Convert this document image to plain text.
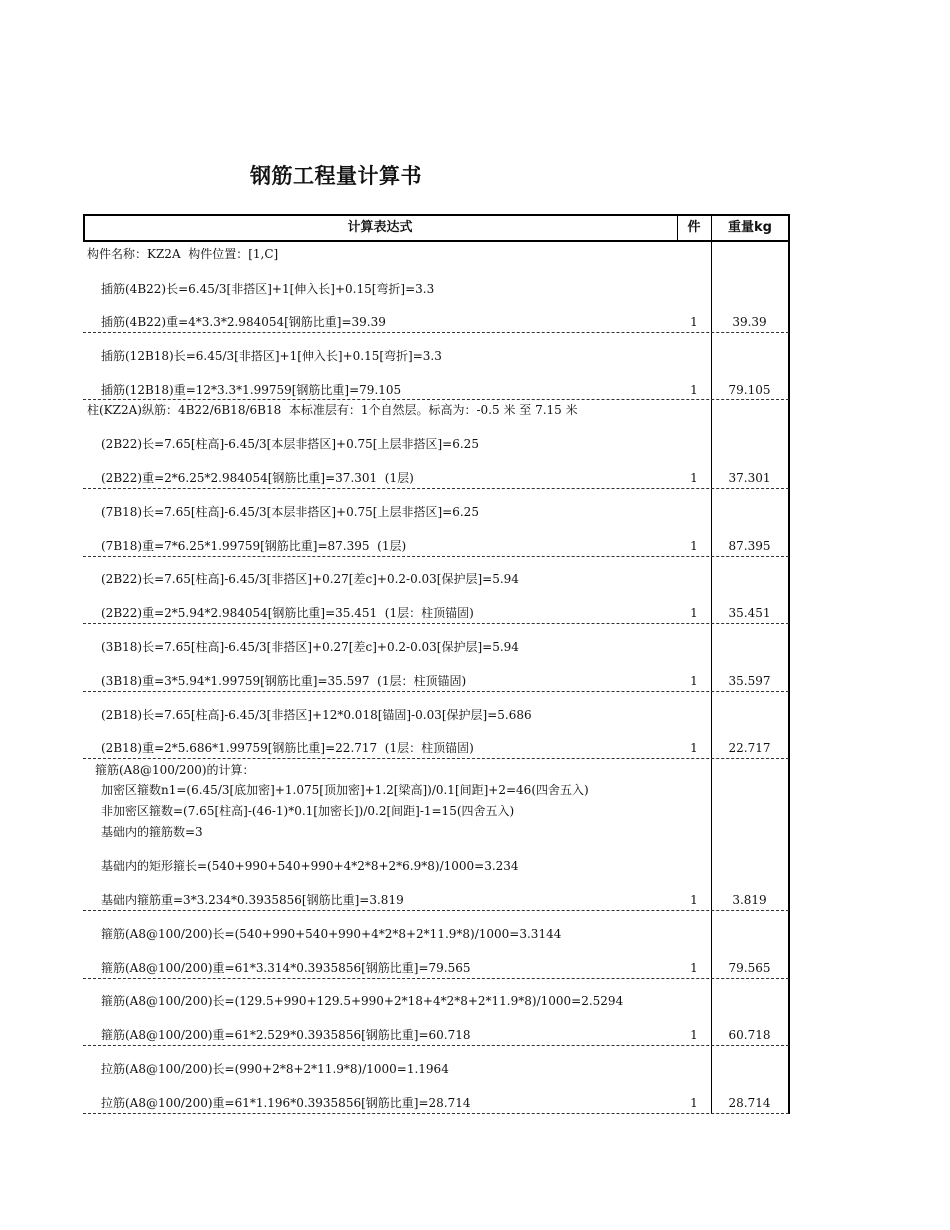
钢筋工程量计算书
计算表达式	件	重量kg
构件名称：KZ2A  构件位置：[1,C]
插筋(4B22)长=6.45/3[非搭区]+1[伸入长]+0.15[弯折]=3.3
插筋(4B22)重=4*3.3*2.984054[钢筋比重]=39.39	1	39.39
插筋(12B18)长=6.45/3[非搭区]+1[伸入长]+0.15[弯折]=3.3
插筋(12B18)重=12*3.3*1.99759[钢筋比重]=79.105	1	79.105
柱(KZ2A)纵筋：4B22/6B18/6B18  本标准层有：1个自然层。标高为：-0.5 米 至 7.15 米
(2B22)长=7.65[柱高]-6.45/3[本层非搭区]+0.75[上层非搭区]=6.25
(2B22)重=2*6.25*2.984054[钢筋比重]=37.301  (1层)	1	37.301
(7B18)长=7.65[柱高]-6.45/3[本层非搭区]+0.75[上层非搭区]=6.25
(7B18)重=7*6.25*1.99759[钢筋比重]=87.395  (1层)	1	87.395
(2B22)长=7.65[柱高]-6.45/3[非搭区]+0.27[差c]+0.2-0.03[保护层]=5.94
(2B22)重=2*5.94*2.984054[钢筋比重]=35.451  (1层：柱顶锚固)	1	35.451
(3B18)长=7.65[柱高]-6.45/3[非搭区]+0.27[差c]+0.2-0.03[保护层]=5.94
(3B18)重=3*5.94*1.99759[钢筋比重]=35.597  (1层：柱顶锚固)	1	35.597
(2B18)长=7.65[柱高]-6.45/3[非搭区]+12*0.018[锚固]-0.03[保护层]=5.686
(2B18)重=2*5.686*1.99759[钢筋比重]=22.717  (1层：柱顶锚固)	1	22.717
箍筋(A8@100/200)的计算：
加密区箍数n1=(6.45/3[底加密]+1.075[顶加密]+1.2[梁高])/0.1[间距]+2=46(四舍五入)
非加密区箍数=(7.65[柱高]-(46-1)*0.1[加密长])/0.2[间距]-1=15(四舍五入)
基础内的箍筋数=3
基础内的矩形箍长=(540+990+540+990+4*2*8+2*6.9*8)/1000=3.234
基础内箍筋重=3*3.234*0.3935856[钢筋比重]=3.819	1	3.819
箍筋(A8@100/200)长=(540+990+540+990+4*2*8+2*11.9*8)/1000=3.3144
箍筋(A8@100/200)重=61*3.314*0.3935856[钢筋比重]=79.565	1	79.565
箍筋(A8@100/200)长=(129.5+990+129.5+990+2*18+4*2*8+2*11.9*8)/1000=2.5294
箍筋(A8@100/200)重=61*2.529*0.3935856[钢筋比重]=60.718	1	60.718
拉筋(A8@100/200)长=(990+2*8+2*11.9*8)/1000=1.1964
拉筋(A8@100/200)重=61*1.196*0.3935856[钢筋比重]=28.714	1	28.714
